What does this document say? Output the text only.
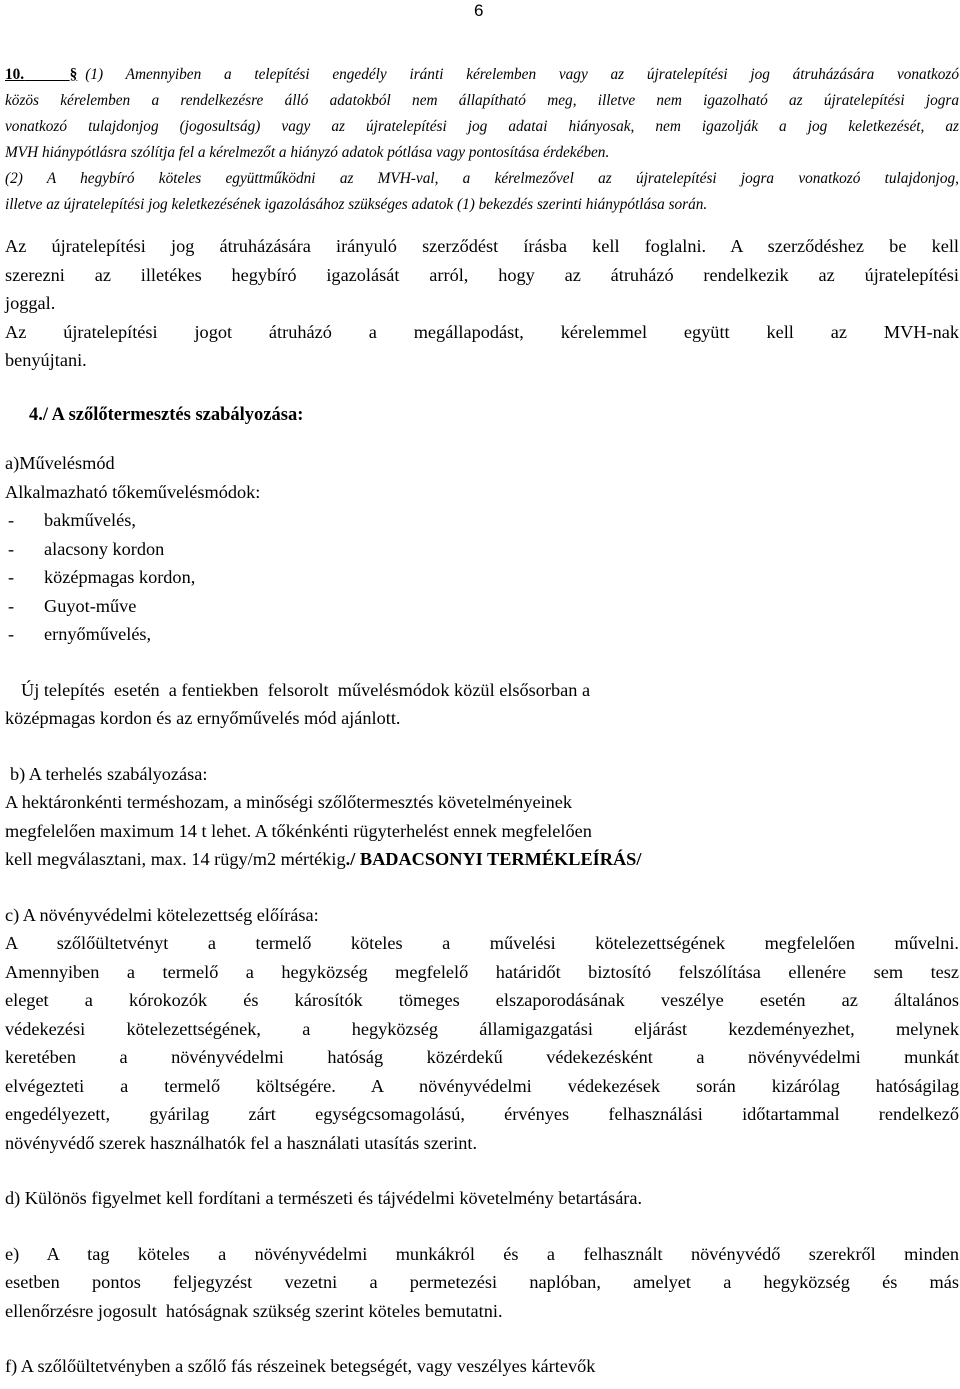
6

10.	§ (1) Amennyiben a telepítési engedély iránti kérelemben vagy az újratelepítési jog átruházására vonatkozó

közös kérelemben a rendelkezésre álló adatokból nem állapítható meg, illetve nem igazolható az újratelepítési jogra

vonatkozó tulajdonjog (jogosultság) vagy az újratelepítési jog adatai hiányosak, nem igazolják a jog keletkezését, az

MVH hiánypótlásra szólítja fel a kérelmezőt a hiányzó adatok pótlása vagy pontosítása érdekében.

(2) A hegybíró köteles együttműködni az MVH-val, a kérelmezővel az újratelepítési jogra vonatkozó tulajdonjog,

illetve az újratelepítési jog keletkezésének igazolásához szükséges adatok (1) bekezdés szerinti hiánypótlása során.

Az újratelepítési jog átruházására irányuló szerződést írásba kell foglalni. A szerződéshez be kell

szerezni az illetékes hegybíró igazolását arról, hogy az átruházó rendelkezik az újratelepítési

joggal.

Az újratelepítési jogot átruházó a megállapodást, kérelemmel együtt kell az MVH-nak

benyújtani.

4./ A szőlőtermesztés szabályozása:

a)Művelésmód

Alkalmazható tőkeművelésmódok:

-	bakművelés,
-	alacsony kordon
-	középmagas kordon,
-	Guyot-műve
-	ernyőművelés,

Új telepítés  esetén  a fentiekben  felsorolt  művelésmódok közül elsősorban a

középmagas kordon és az ernyőművelés mód ajánlott.

b) A terhelés szabályozása:

A hektáronkénti terméshozam, a minőségi szőlőtermesztés követelményeinek

megfelelően maximum 14 t lehet. A tőkénkénti rügyterhelést ennek megfelelően

kell megválasztani, max. 14 rügy/m2 mértékig./ BADACSONYI TERMÉKLEÍRÁS/

c) A növényvédelmi kötelezettség előírása:

A szőlőültetvényt a termelő köteles a művelési kötelezettségének megfelelően művelni.

Amennyiben a termelő a hegyközség megfelelő határidőt biztosító felszólítása ellenére sem tesz

eleget a kórokozók és károsítók tömeges elszaporodásának veszélye esetén az általános

védekezési kötelezettségének, a hegyközség államigazgatási eljárást kezdeményezhet, melynek

keretében a növényvédelmi hatóság közérdekű védekezésként a növényvédelmi munkát

elvégezteti a termelő költségére. A növényvédelmi védekezések során kizárólag hatóságilag

engedélyezett, gyárilag zárt egységcsomagolású, érvényes felhasználási időtartammal rendelkező

növényvédő szerek használhatók fel a használati utasítás szerint.

d) Különös figyelmet kell fordítani a természeti és tájvédelmi követelmény betartására.

e) A tag köteles a növényvédelmi munkákról és a felhasznált növényvédő szerekről minden

esetben pontos feljegyzést vezetni a permetezési naplóban, amelyet a hegyközség és más

ellenőrzésre jogosult  hatóságnak szükség szerint köteles bemutatni.

f) A szőlőültetvényben a szőlő fás részeinek betegségét, vagy veszélyes kártevők
